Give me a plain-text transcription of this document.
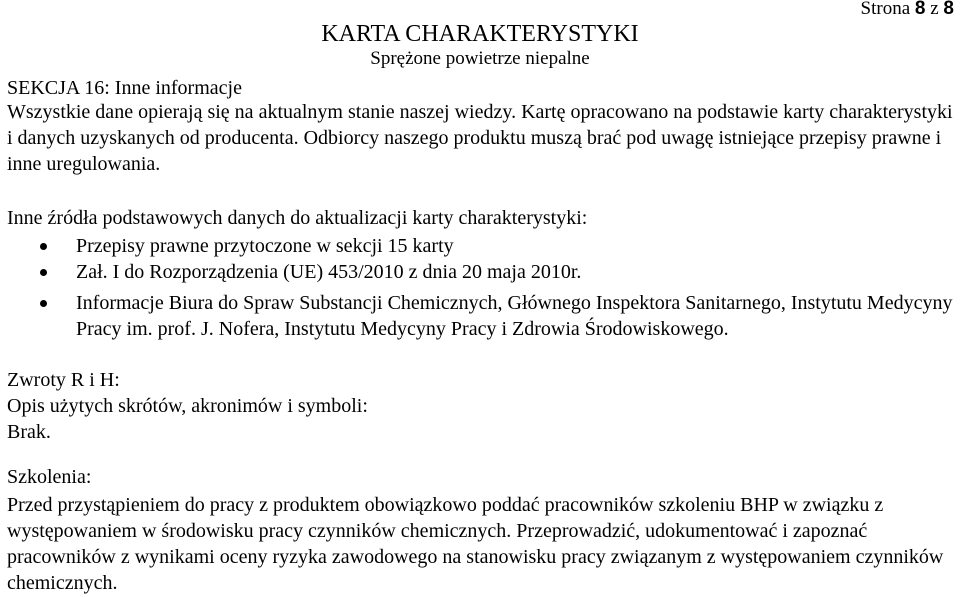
Strona 8 z 8
KARTA CHARAKTERYSTYKI
Sprężone powietrze niepalne
SEKCJA 16: Inne informacje
Wszystkie dane opierają się na aktualnym stanie naszej wiedzy. Kartę opracowano na podstawie karty charakterystyki i danych uzyskanych od producenta. Odbiorcy naszego produktu muszą brać pod uwagę istniejące przepisy prawne i inne uregulowania.
Inne źródła podstawowych danych do aktualizacji karty charakterystyki:
Przepisy prawne przytoczone w sekcji 15 karty
Zał. I do Rozporządzenia (UE) 453/2010 z dnia 20 maja 2010r.
Informacje Biura do Spraw Substancji Chemicznych, Głównego Inspektora Sanitarnego, Instytutu Medycyny Pracy im. prof. J. Nofera, Instytutu Medycyny Pracy i Zdrowia Środowiskowego.
Zwroty R i H:
Opis użytych skrótów, akronimów i symboli:
Brak.
Szkolenia:
Przed przystąpieniem do pracy z produktem obowiązkowo poddać pracowników szkoleniu BHP w związku z występowaniem w środowisku pracy czynników chemicznych. Przeprowadzić, udokumentować i zapoznać pracowników z wynikami oceny ryzyka zawodowego na stanowisku pracy związanym z występowaniem czynników chemicznych.
